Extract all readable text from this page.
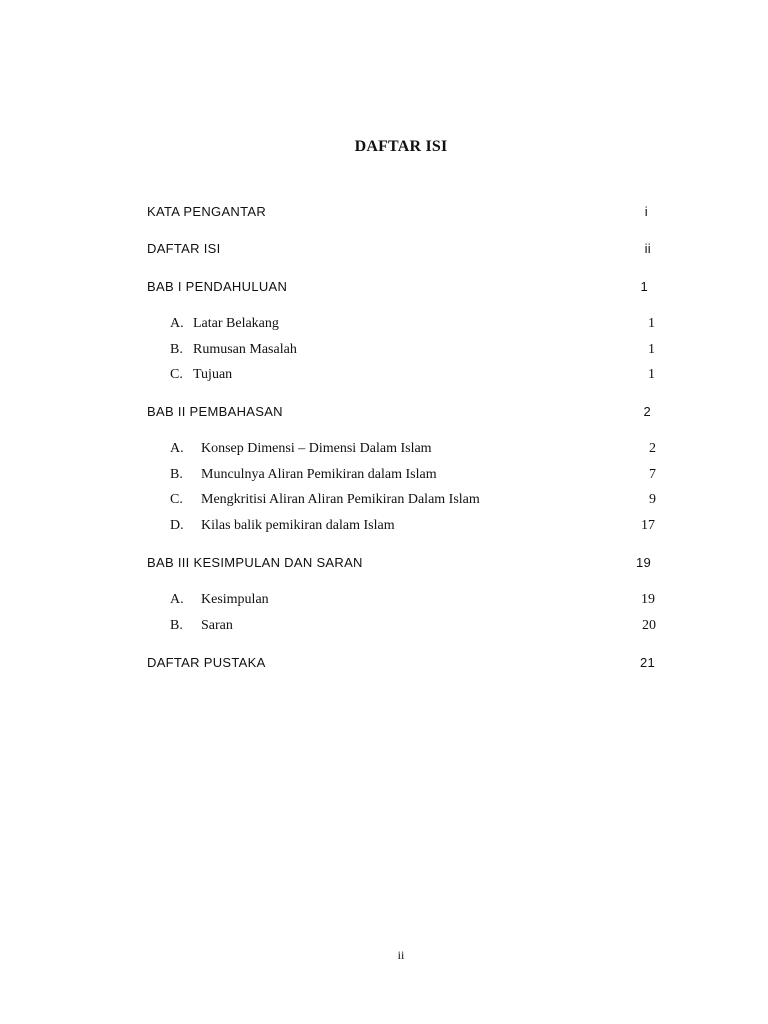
DAFTAR ISI
KATA PENGANTAR	i
DAFTAR ISI	ii
BAB I PENDAHULUAN	1
A. Latar Belakang	1
B. Rumusan Masalah	1
C. Tujuan	1
BAB II PEMBAHASAN	2
A.	Konsep Dimensi – Dimensi Dalam Islam	2
B.	Munculnya Aliran Pemikiran dalam Islam	7
C.	Mengkritisi Aliran Aliran Pemikiran Dalam Islam	9
D.	Kilas balik pemikiran dalam Islam	17
BAB III KESIMPULAN DAN SARAN	19
A.	Kesimpulan	19
B.	Saran	20
DAFTAR PUSTAKA	21
ii
